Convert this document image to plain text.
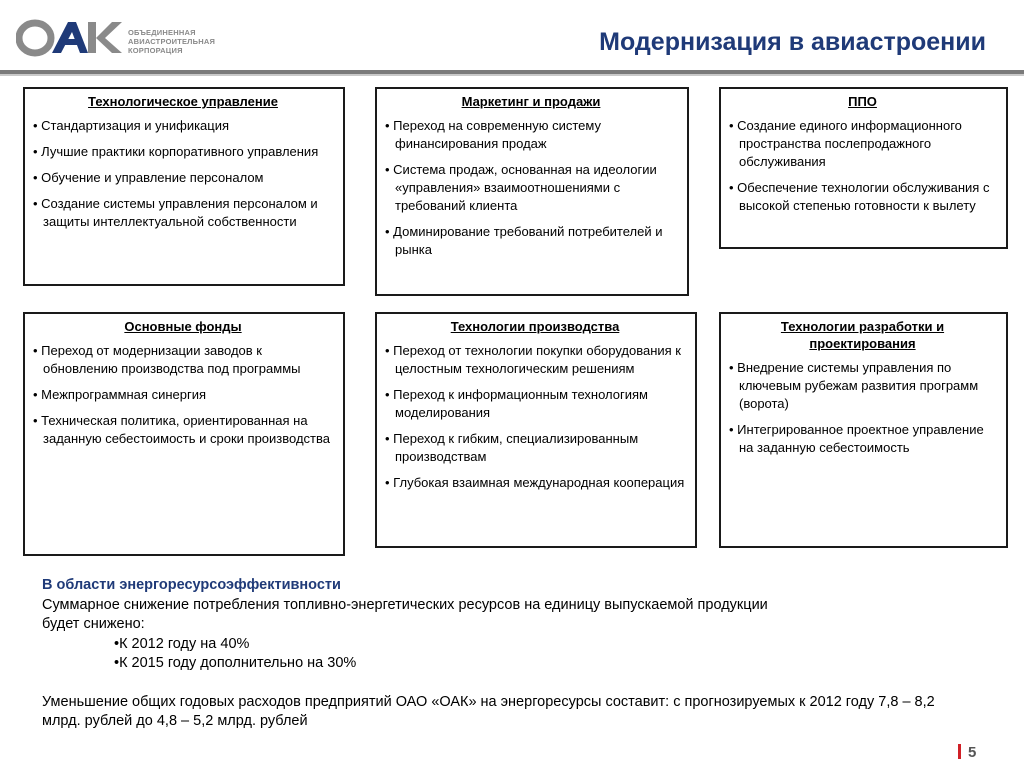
ОБЪЕДИНЕННАЯ
АВИАСТРОИТЕЛЬНАЯ
КОРПОРАЦИЯ	Модернизация в авиастроении
Технологическое управление
• Стандартизация и унификация
• Лучшие практики корпоративного управления
• Обучение и управление персоналом
• Создание системы управления персоналом и защиты интеллектуальной собственности
Маркетинг и продажи
• Переход на современную систему финансирования продаж
• Система продаж, основанная на идеологии «управления» взаимоотношениями с требований клиента
• Доминирование требований потребителей и рынка
ППО
• Создание единого информационного пространства послепродажного обслуживания
• Обеспечение технологии обслуживания с высокой степенью готовности к вылету
Основные фонды
• Переход от модернизации заводов к обновлению производства под программы
• Межпрограммная синергия
• Техническая политика, ориентированная на заданную себестоимость и сроки производства
Технологии производства
• Переход от технологии покупки оборудования к целостным технологическим решениям
• Переход к информационным технологиям моделирования
• Переход к гибким, специализированным производствам
• Глубокая взаимная международная кооперация
Технологии разработки и проектирования
• Внедрение системы управления по ключевым рубежам развития программ (ворота)
• Интегрированное проектное управление на заданную себестоимость
В области энергоресурсоэффективности
Суммарное снижение потребления топливно-энергетических ресурсов на единицу выпускаемой продукции
будет снижено:
• К 2012 году на 40%
• К 2015 году дополнительно на 30%
Уменьшение общих годовых расходов предприятий ОАО «ОАК» на энергоресурсы составит: с прогнозируемых к 2012 году 7,8 – 8,2 млрд. рублей до 4,8 – 5,2 млрд. рублей
5
